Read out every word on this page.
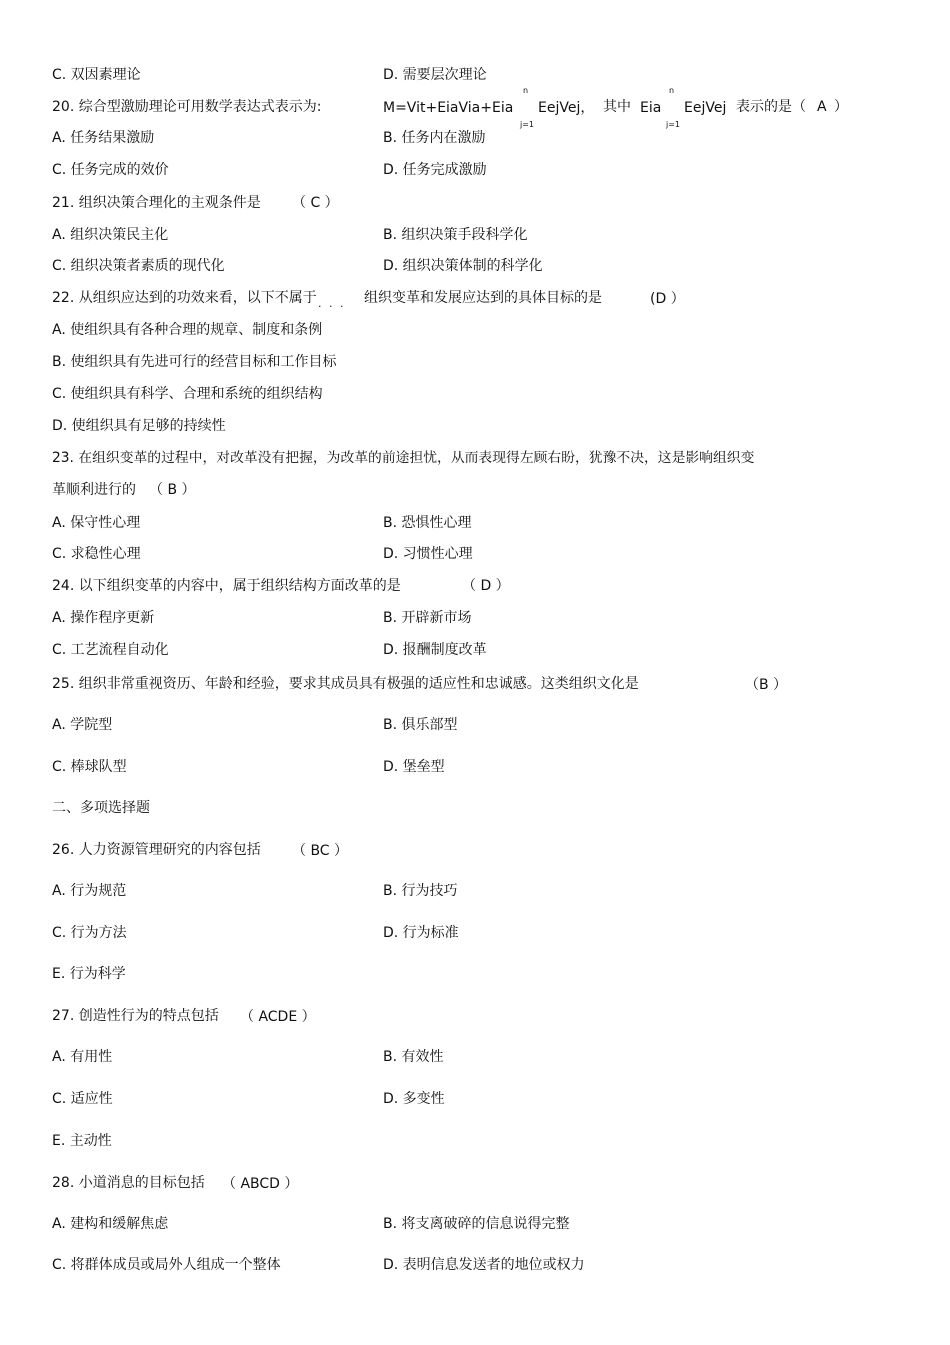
C. 双因素理论	D. 需要层次理论
20. 综合型激励理论可用数学表达式表示为:	M=Vit+EiaVia+Eia
n
j=1
EejVej， 其中 Eia
n
j=1
EejVej 表示的是（ A ）
A. 任务结果激励	B. 任务内在激励
C. 任务完成的效价	D. 任务完成激励
21. 组织决策合理化的主观条件是 （ C ）
A. 组织决策民主化	B. 组织决策手段科学化
C. 组织决策者素质的现代化	D. 组织决策体制的科学化
22. 从组织应达到的功效来看，以下不属于 . . . 组织变革和发展应达到的具体目标的是	(D ）
A. 使组织具有各种合理的规章、制度和条例
B. 使组织具有先进可行的经营目标和工作目标
C. 使组织具有科学、合理和系统的组织结构
D. 使组织具有足够的持续性
23. 在组织变革的过程中，对改革没有把握，为改革的前途担忧，从而表现得左顾右盼，犹豫不决，这是影响组织变
革顺利进行的 （ B ）
A. 保守性心理	B. 恐惧性心理
C. 求稳性心理	D. 习惯性心理
24. 以下组织变革的内容中，属于组织结构方面改革的是	（ D ）
A. 操作程序更新	B. 开辟新市场
C. 工艺流程自动化	D. 报酬制度改革
25. 组织非常重视资历、年龄和经验，要求其成员具有极强的适应性和忠诚感。这类组织文化是	（B ）
A. 学院型	B. 俱乐部型
C. 棒球队型	D. 堡垒型
二、多项选择题
26. 人力资源管理研究的内容包括 （ BC ）
A. 行为规范	B. 行为技巧
C. 行为方法	D. 行为标准
E. 行为科学
27. 创造性行为的特点包括 （ ACDE ）
A. 有用性	B. 有效性
C. 适应性	D. 多变性
E. 主动性
28. 小道消息的目标包括 （ ABCD ）
A. 建构和缓解焦虑	B. 将支离破碎的信息说得完整
C. 将群体成员或局外人组成一个整体	D. 表明信息发送者的地位或权力
